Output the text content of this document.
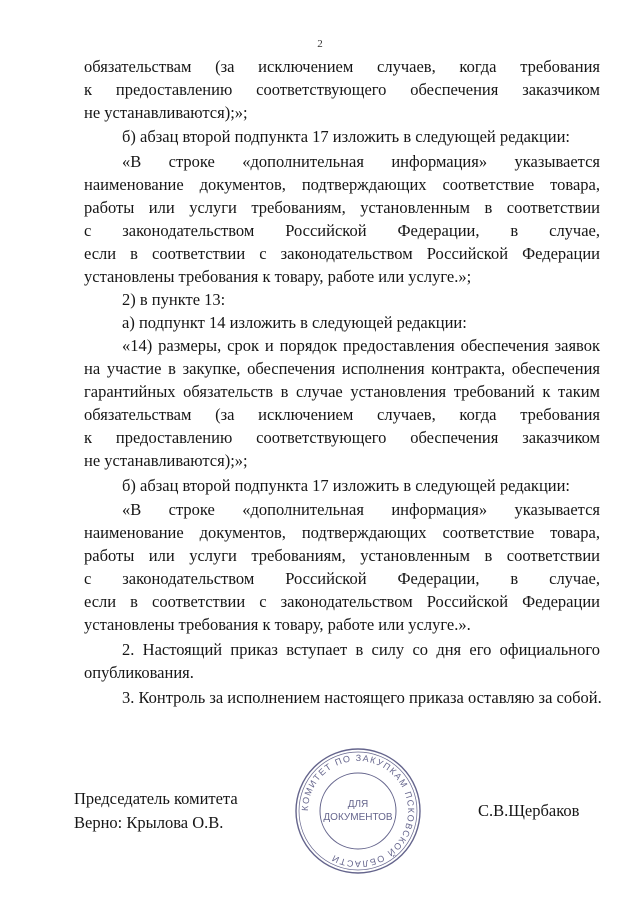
2
обязательствам (за исключением случаев, когда требования
к предоставлению соответствующего обеспечения заказчиком
не устанавливаются);»;
б) абзац второй подпункта 17 изложить в следующей редакции:
«В строке «дополнительная информация» указывается
наименование документов, подтверждающих соответствие товара,
работы или услуги требованиям, установленным в соответствии
с законодательством Российской Федерации, в случае,
если в соответствии с законодательством Российской Федерации
установлены требования к товару, работе или услуге.»;
2) в пункте 13:
а) подпункт 14 изложить в следующей редакции:
«14) размеры, срок и порядок предоставления обеспечения заявок
на участие в закупке, обеспечения исполнения контракта, обеспечения
гарантийных обязательств в случае установления требований к таким
обязательствам (за исключением случаев, когда требования
к предоставлению соответствующего обеспечения заказчиком
не устанавливаются);»;
б) абзац второй подпункта 17 изложить в следующей редакции:
«В строке «дополнительная информация» указывается
наименование документов, подтверждающих соответствие товара,
работы или услуги требованиям, установленным в соответствии
с законодательством Российской Федерации, в случае,
если в соответствии с законодательством Российской Федерации
установлены требования к товару, работе или услуге.».
2. Настоящий приказ вступает в силу со дня его официального
опубликования.
3. Контроль за исполнением настоящего приказа оставляю за собой.
Председатель комитета
Верно: Крылова О.В.
С.В.Щербаков
КОМИТЕТ ПО ЗАКУПКАМ ПСКОВСКОЙ ОБЛАСТИ
ДЛЯ
ДОКУМЕНТОВ
